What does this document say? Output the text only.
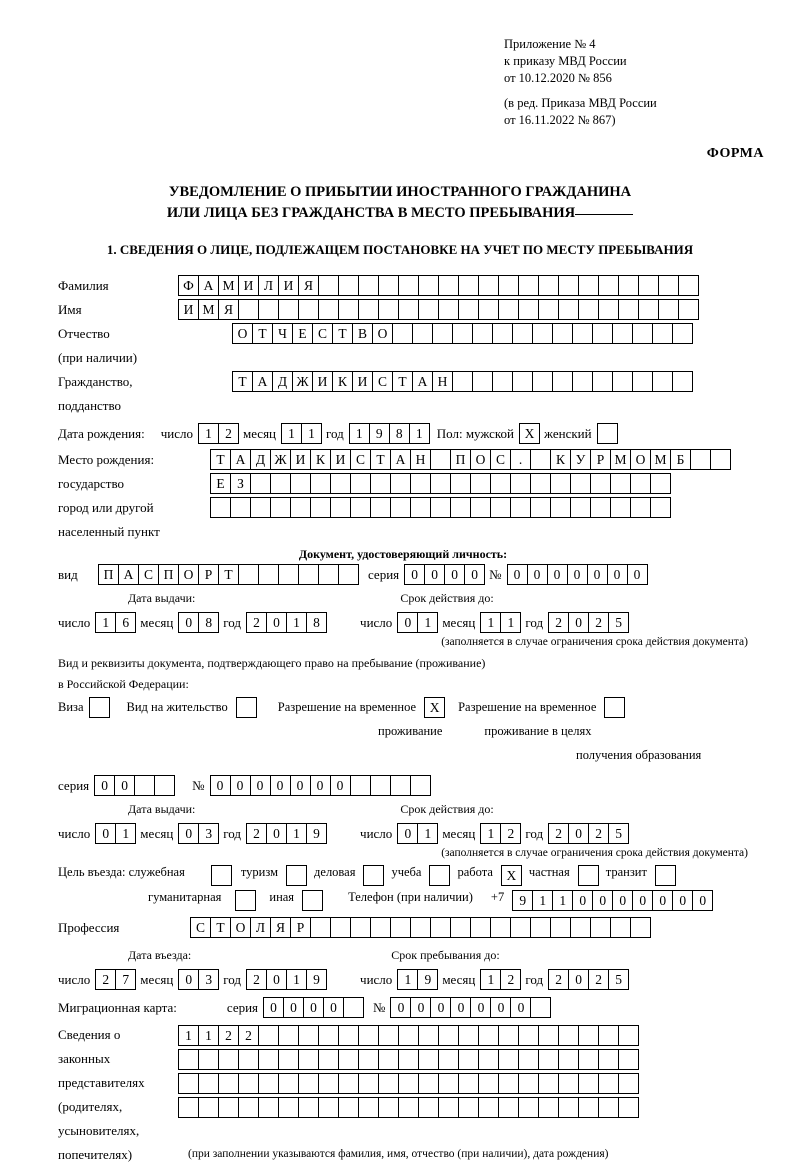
Приложение № 4
к приказу МВД России
от 10.12.2020 № 856
(в ред. Приказа МВД России
от 16.11.2022 № 867)
ФОРМА
УВЕДОМЛЕНИЕ О ПРИБЫТИИ ИНОСТРАННОГО ГРАЖДАНИНА
ИЛИ ЛИЦА БЕЗ ГРАЖДАНСТВА В МЕСТО ПРЕБЫВАНИЯ
1. СВЕДЕНИЯ О ЛИЦЕ, ПОДЛЕЖАЩЕМ ПОСТАНОВКЕ НА УЧЕТ ПО МЕСТУ ПРЕБЫВАНИЯ
Фамилия	Ф А М И Л И Я
Имя	И М Я
Отчество	О Т Ч Е С Т В О
(при наличии)
Гражданство,	Т А Д Ж И К И С Т А Н
подданство
Дата рождения:	число 1 2 месяц 1 1 год 1 9 8 1	Пол: мужской X женский
Место рождения:	Т А Д Ж И К И С Т А Н	П О С	.	К У Р М О М Б
государство	Е З
город или другой
населенный пункт
Документ, удостоверяющий личность:
вид	П А С П О Р Т	серия 0 0 0 0 № 0 0 0 0 0 0 0
Дата выдачи:	Срок действия до:
число 1 6 месяц 0 8 год 2 0 1 8	число 0 1 месяц 1 1 год 2 0 2 5
(заполняется в случае ограничения срока действия документа)
Вид и реквизиты документа, подтверждающего право на пребывание (проживание)
в Российской Федерации:
Виза	Вид на жительство	Разрешение на временное	X	Разрешение на временное
проживание	проживание в целях
получения образования
серия 0 0	№ 0 0 0 0 0 0 0
Дата выдачи:	Срок действия до:
число 0 1 месяц 0 3 год 2 0 1 9	число 0 1 месяц 1 2 год 2 0 2 5
(заполняется в случае ограничения срока действия документа)
Цель въезда: служебная	туризм	деловая	учеба	работа	X	частная	транзит
гуманитарная	иная	Телефон (при наличии)	+7	9 1 1 0 0 0 0 0 0 0
Профессия	С Т О Л Я Р
Дата въезда:	Срок пребывания до:
число 2 7 месяц 0 3 год 2 0 1 9	число 1 9 месяц 1 2 год 2 0 2 5
Миграционная карта:	серия 0 0 0 0	№ 0 0 0 0 0 0 0
Сведения о	1 1 2 2
законных
представителях
(родителях,
усыновителях,
попечителях)	(при заполнении указываются фамилия, имя, отчество (при наличии), дата рождения)
